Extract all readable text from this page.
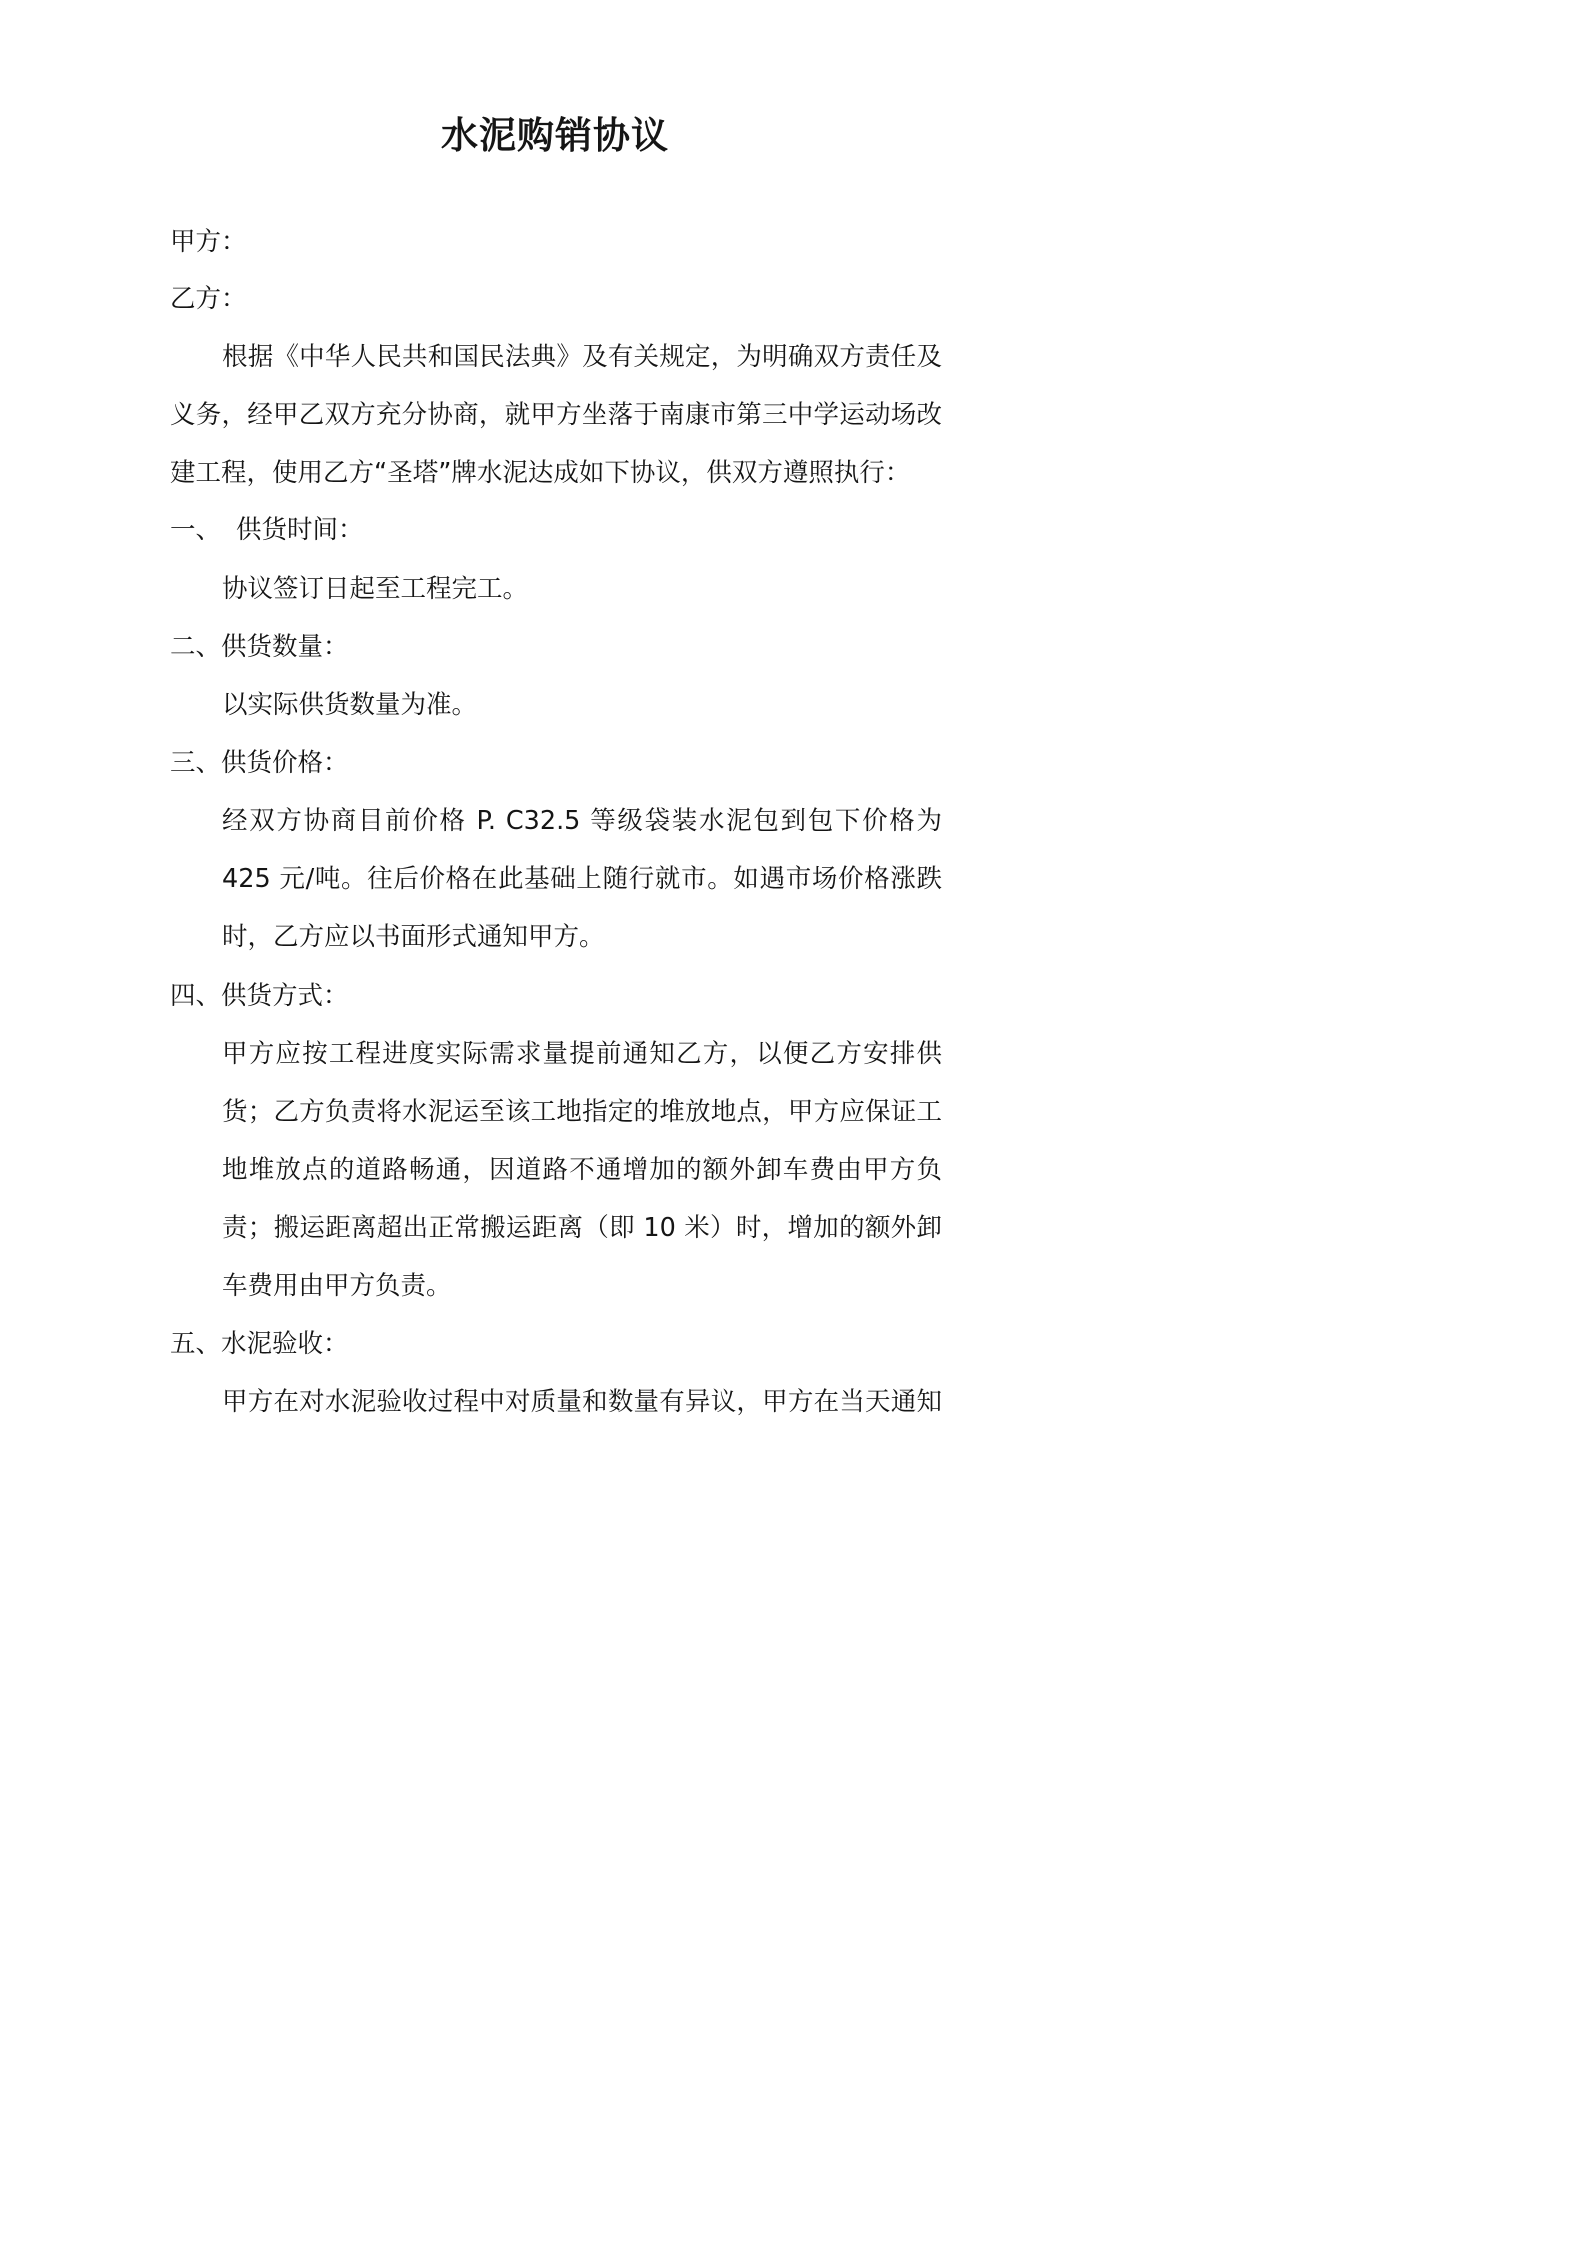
水泥购销协议
甲方：
乙方：
根据《中华人民共和国民法典》及有关规定，为明确双方责任及
义务，经甲乙双方充分协商，就甲方坐落于南康市第三中学运动场改
建工程，使用乙方“圣塔”牌水泥达成如下协议，供双方遵照执行：
一、 供货时间：
协议签订日起至工程完工。
二、供货数量：
以实际供货数量为准。
三、供货价格：
经双方协商目前价格 P. C32.5 等级袋装水泥包到包下价格为
425 元/吨。往后价格在此基础上随行就市。如遇市场价格涨跌
时，乙方应以书面形式通知甲方。
四、供货方式：
甲方应按工程进度实际需求量提前通知乙方，以便乙方安排供
货；乙方负责将水泥运至该工地指定的堆放地点，甲方应保证工
地堆放点的道路畅通，因道路不通增加的额外卸车费由甲方负
责；搬运距离超出正常搬运距离（即 10 米）时，增加的额外卸
车费用由甲方负责。
五、水泥验收：
甲方在对水泥验收过程中对质量和数量有异议，甲方在当天通知
